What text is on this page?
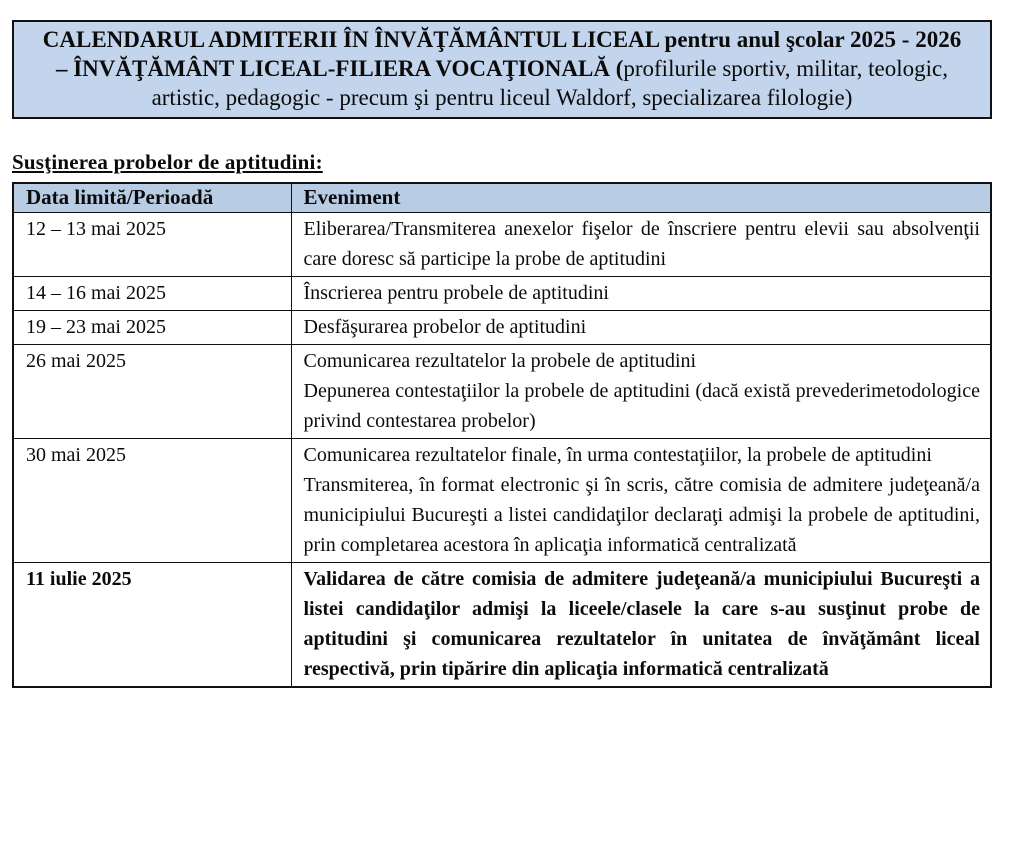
CALENDARUL ADMITERII ÎN ÎNVĂŢĂMÂNTUL LICEAL pentru anul şcolar 2025 - 2026 – ÎNVĂŢĂMÂNT LICEAL-FILIERA VOCAŢIONALĂ (profilurile sportiv, militar, teologic, artistic, pedagogic - precum şi pentru liceul Waldorf, specializarea filologie)
Susţinerea probelor de aptitudini:
Data limită/Perioadă	Eveniment
12 – 13 mai 2025	Eliberarea/Transmiterea anexelor fişelor de înscriere pentru elevii sau absolvenţii care doresc să participe la probe de aptitudini

14 – 16 mai 2025	Înscrierea pentru probele de aptitudini

19 – 23 mai 2025	Desfăşurarea probelor de aptitudini

26 mai 2025	Comunicarea rezultatelor la probele de aptitudini
Depunerea contestaţiilor la probele de aptitudini (dacă există prevederimetodologice privind contestarea probelor)

30 mai 2025	Comunicarea rezultatelor finale, în urma contestaţiilor, la probele de aptitudini
Transmiterea, în format electronic şi în scris, către comisia de admitere judeţeană/a municipiului Bucureşti a listei candidaţilor declaraţi admişi la probele de aptitudini, prin completarea acestora în aplicaţia informatică centralizată

11 iulie 2025	Validarea de către comisia de admitere judeţeană/a municipiului Bucureşti a listei candidaţilor admişi la liceele/clasele la care s-au susţinut probe de aptitudini şi comunicarea rezultatelor în unitatea de învăţământ liceal respectivă, prin tipărire din aplicaţia informatică centralizată
